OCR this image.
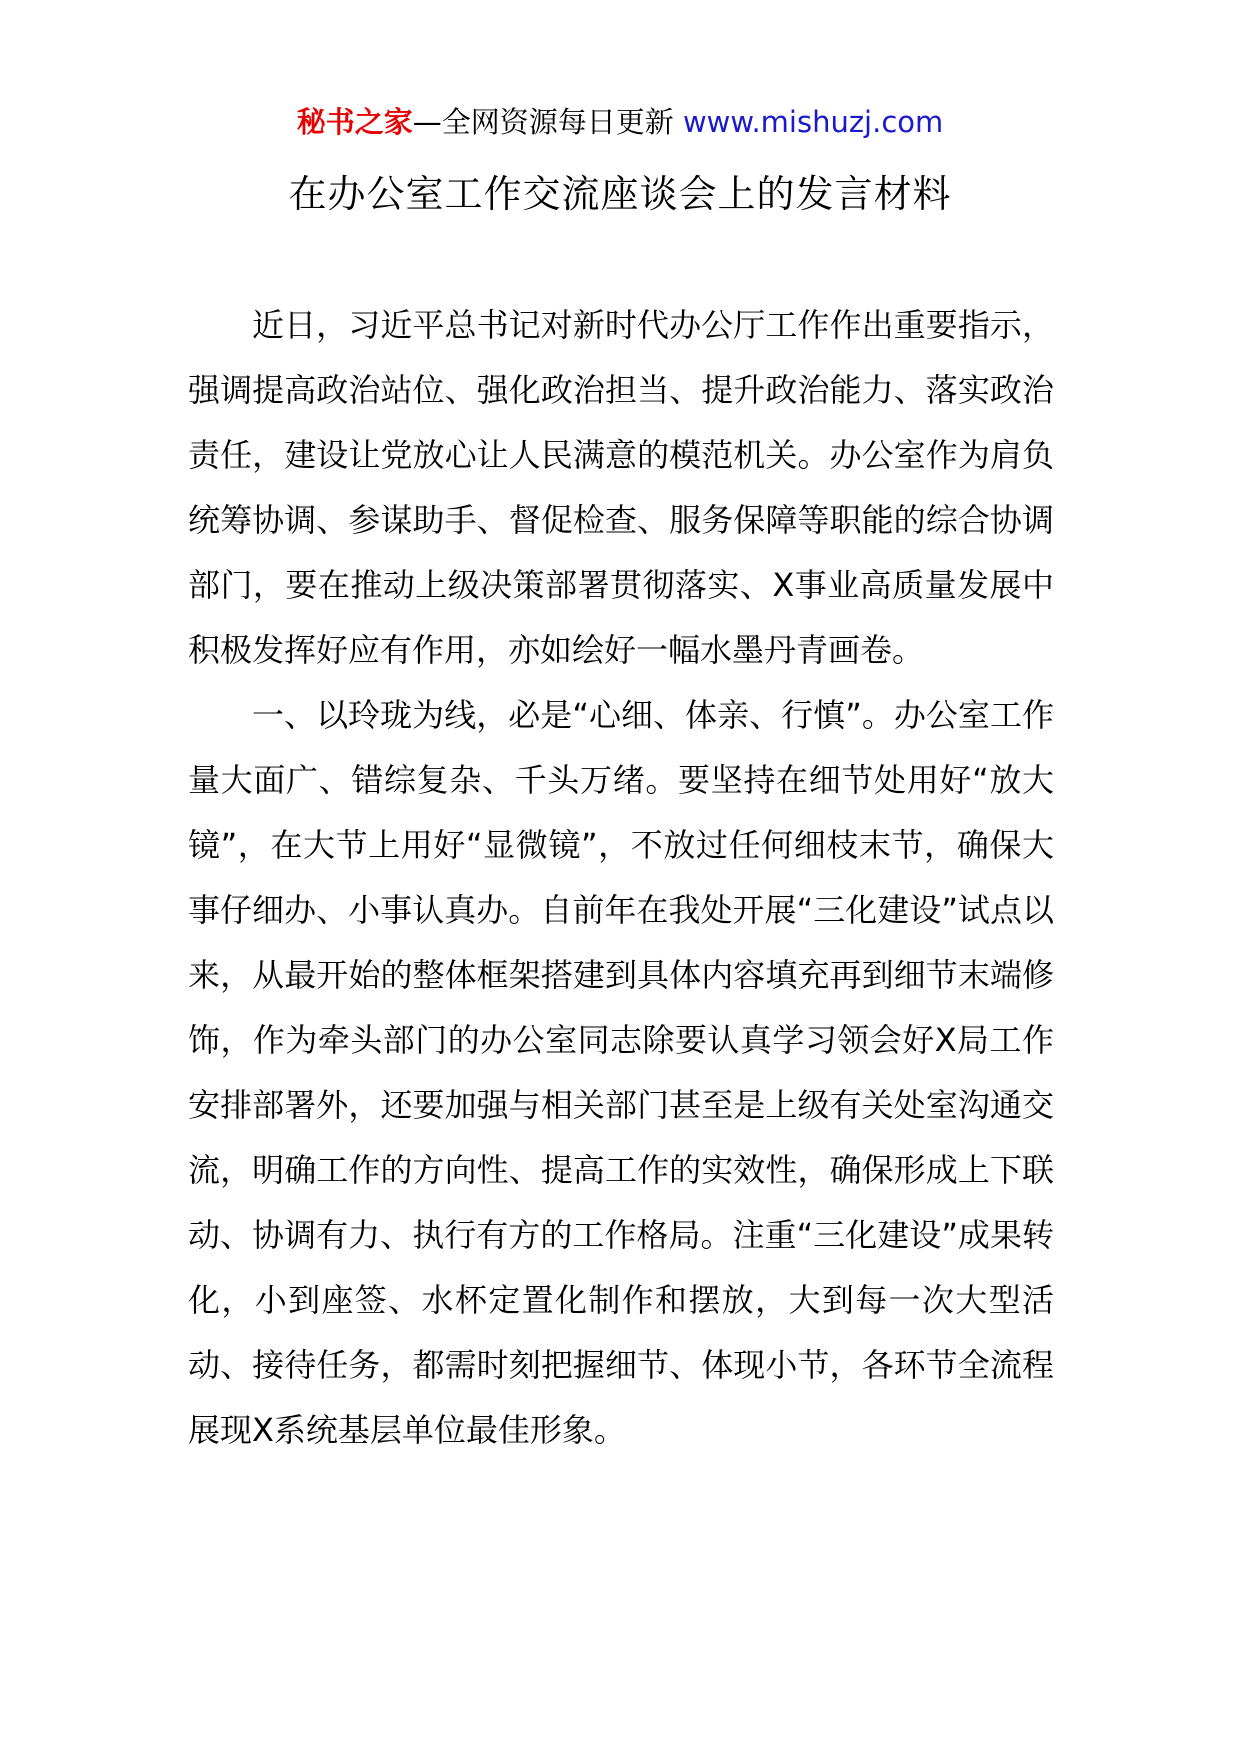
秘书之家—全网资源每日更新 www.mishuzj.com
在办公室工作交流座谈会上的发言材料

近日，习近平总书记对新时代办公厅工作作出重要指示，强调提高政治站位、强化政治担当、提升政治能力、落实政治责任，建设让党放心让人民满意的模范机关。办公室作为肩负统筹协调、参谋助手、督促检查、服务保障等职能的综合协调部门，要在推动上级决策部署贯彻落实、X事业高质量发展中积极发挥好应有作用，亦如绘好一幅水墨丹青画卷。

一、以玲珑为线，必是“心细、体亲、行慎”。办公室工作量大面广、错综复杂、千头万绪。要坚持在细节处用好“放大镜”，在大节上用好“显微镜”，不放过任何细枝末节，确保大事仔细办、小事认真办。自前年在我处开展“三化建设”试点以来，从最开始的整体框架搭建到具体内容填充再到细节末端修饰，作为牵头部门的办公室同志除要认真学习领会好X局工作安排部署外，还要加强与相关部门甚至是上级有关处室沟通交流，明确工作的方向性、提高工作的实效性，确保形成上下联动、协调有力、执行有方的工作格局。注重“三化建设”成果转化，小到座签、水杯定置化制作和摆放，大到每一次大型活动、接待任务，都需时刻把握细节、体现小节，各环节全流程展现X系统基层单位最佳形象。
